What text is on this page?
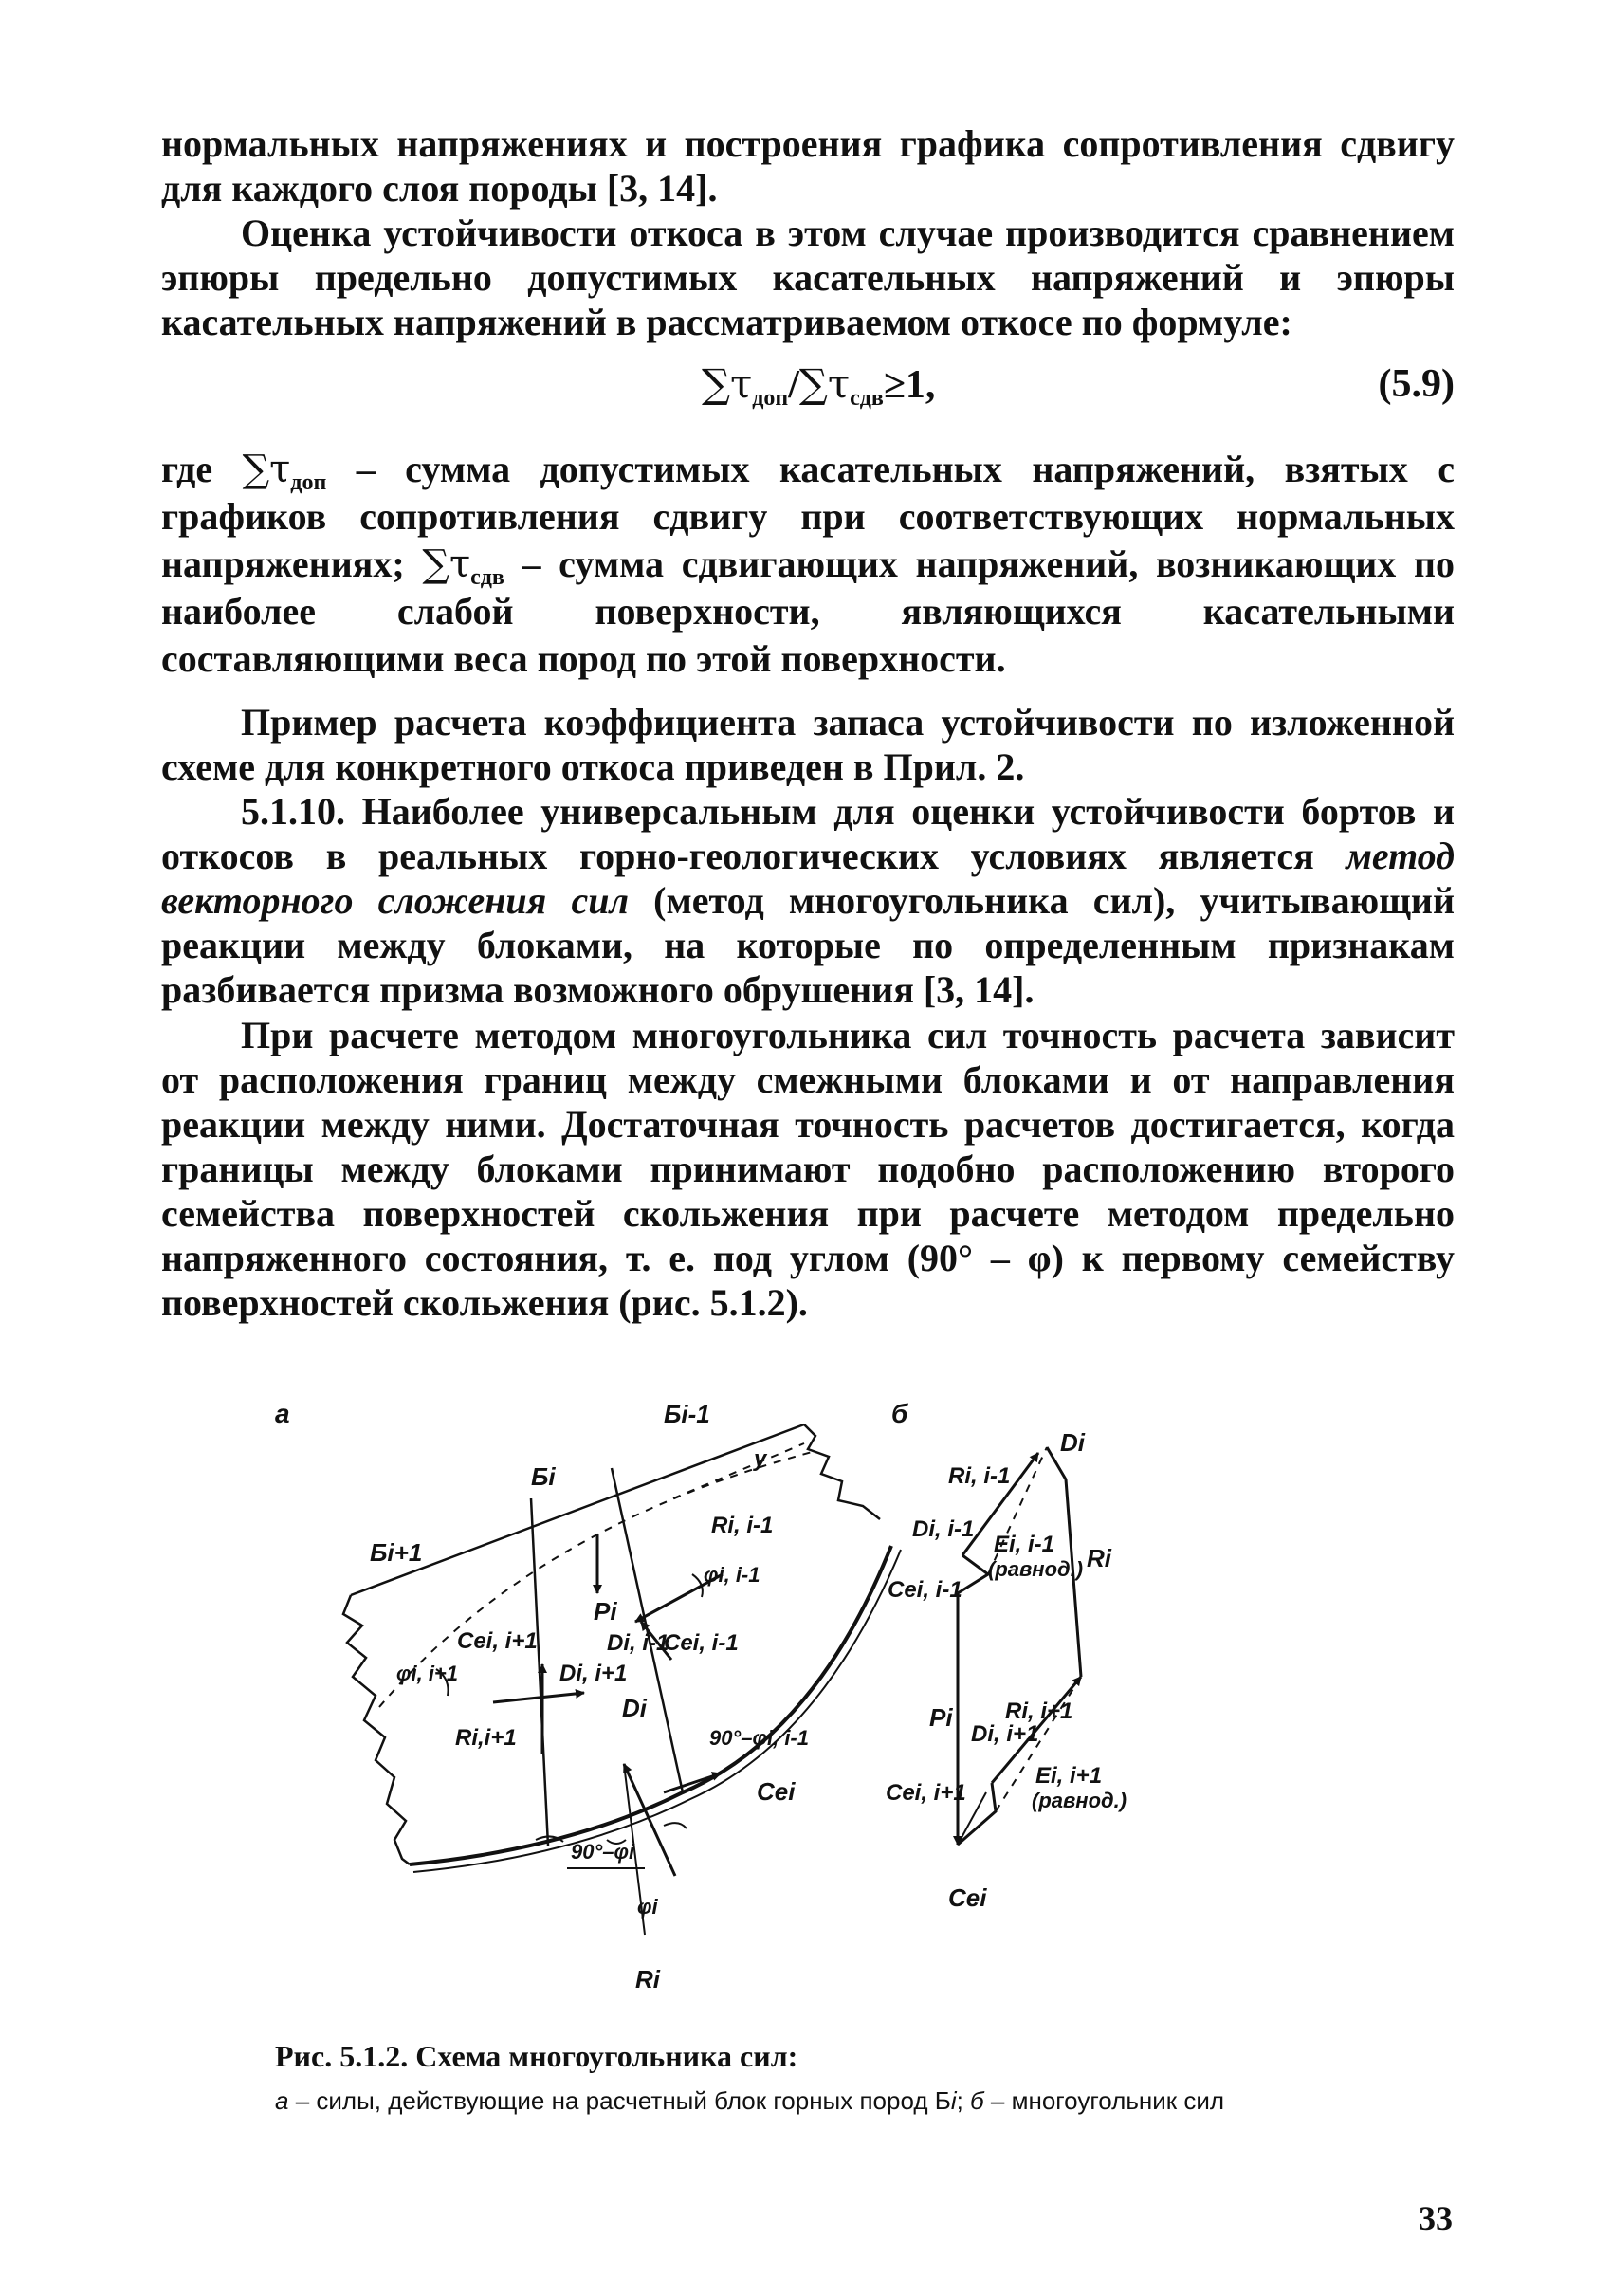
нормальных напряжениях и построения графика сопротивления сдвигу для каждого слоя породы [3, 14].

Оценка устойчивости откоса в этом случае производится сравнением эпюры предельно допустимых касательных напряжений и эпюры касательных напряжений в рассматриваемом откосе по формуле:

$\sum\tau_{доп}/\sum\tau_{сдв}\ge 1$,	(5.9)

где $\sum\tau_{доп}$ – сумма допустимых касательных напряжений, взятых с графиков сопротивления сдвигу при соответствующих нормальных напряжениях; $\sum\tau_{сдв}$ – сумма сдвигающих напряжений, возникающих по наиболее слабой поверхности, являющихся касательными составляющими веса пород по этой поверхности.

Пример расчета коэффициента запаса устойчивости по изложенной схеме для конкретного откоса приведен в Прил. 2.

5.1.10. Наиболее универсальным для оценки устойчивости бортов и откосов в реальных горно-геологических условиях является метод векторного сложения сил (метод многоугольника сил), учитывающий реакции между блоками, на которые по определенным признакам разбивается призма возможного обрушения [3, 14].

При расчете методом многоугольника сил точность расчета зависит от расположения границ между смежными блоками и от направления реакции между ними. Достаточная точность расчетов достигается, когда границы между блоками принимают подобно расположению второго семейства поверхностей скольжения при расчете методом предельно напряженного состояния, т. е. под углом (90° – φ) к первому семейству поверхностей скольжения (рис. 5.1.2).

а	Бi-1
y
Бi
Бi+1
Ri, i-1
φi, i-1
Pi
Сei, i+1
φi, i+1
Di, i-1
Сei, i-1
Di, i+1
Ri,i+1
Di
90°–φi, i-1
Сei
90°–φi
φi
Ri
б
Di
Ri, i-1
Di, i-1
Ei, i-1
(равнод.) Ri
Сei, i-1
Pi Ri, i+1
Di, i+1
Ei, i+1
(равнод.)
Сei, i+1
Сei
Рис. 5.1.2. Схема многоугольника сил:
а – силы, действующие на расчетный блок горных пород Бi; б – многоугольник сил
33
